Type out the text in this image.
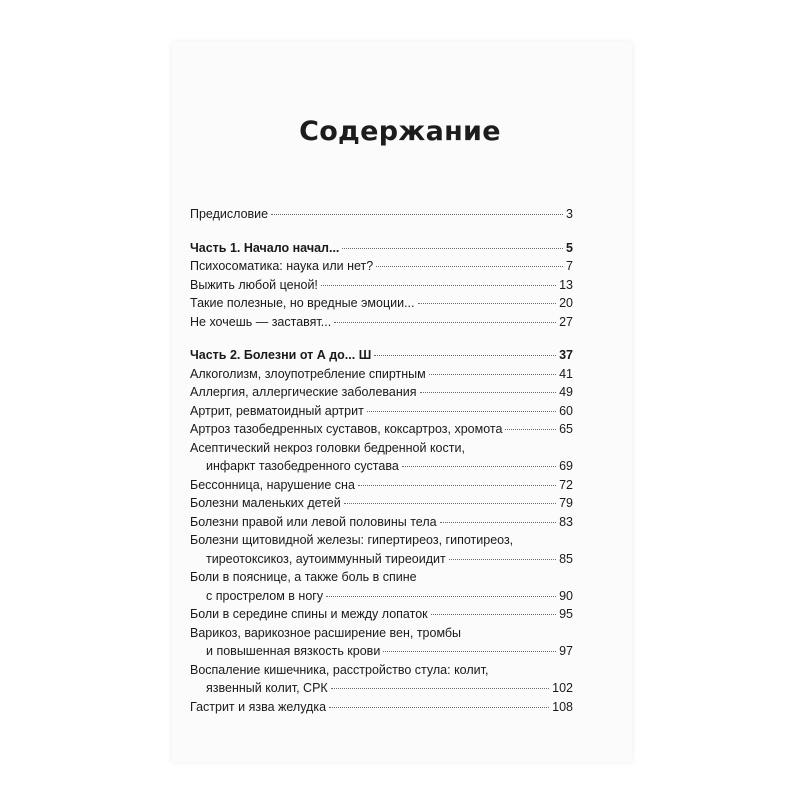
Содержание
Предисловие	3
Часть 1. Начало начал...	5
Психосоматика: наука или нет?	7
Выжить любой ценой!	13
Такие полезные, но вредные эмоции...	20
Не хочешь — заставят...	27
Часть 2. Болезни от А до... Ш	37
Алкоголизм, злоупотребление спиртным	41
Аллергия, аллергические заболевания	49
Артрит, ревматоидный артрит	60
Артроз тазобедренных суставов, коксартроз, хромота	65
Асептический некроз головки бедренной кости,
инфаркт тазобедренного сустава	69
Бессонница, нарушение сна	72
Болезни маленьких детей	79
Болезни правой или левой половины тела	83
Болезни щитовидной железы: гипертиреоз, гипотиреоз,
тиреотоксикоз, аутоиммунный тиреоидит	85
Боли в пояснице, а также боль в спине
с прострелом в ногу	90
Боли в середине спины и между лопаток	95
Варикоз, варикозное расширение вен, тромбы
и повышенная вязкость крови	97
Воспаление кишечника, расстройство стула: колит,
язвенный колит, СРК	102
Гастрит и язва желудка	108
